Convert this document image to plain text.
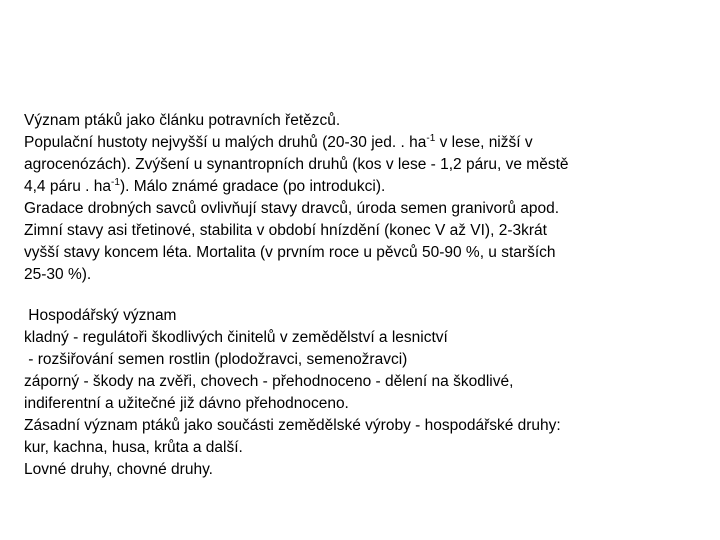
Význam ptáků jako článku potravních řetězců.
Populační hustoty nejvyšší u malých druhů (20-30 jed. . $ha^{-1}$ v lese, nižší v
agrocenózách). Zvýšení u synantropních druhů (kos v lese - 1,2 páru, ve městě
4,4 páru . $ha^{-1}$). Málo známé gradace (po introdukci).
Gradace drobných savců ovlivňují stavy dravců, úroda semen granivorů apod.
Zimní stavy asi třetinové, stabilita v období hnízdění (konec V až VI), 2-3krát
vyšší stavy koncem léta. Mortalita (v prvním roce u pěvců 50-90 %, u starších
25-30 %).
Hospodářský význam
kladný - regulátoři škodlivých činitelů v zemědělství a lesnictví
- rozšiřování semen rostlin (plodožravci, semenožravci)
záporný - škody na zvěři, chovech - přehodnoceno - dělení na škodlivé,
indiferentní a užitečné již dávno přehodnoceno.
Zásadní význam ptáků jako součásti zemědělské výroby - hospodářské druhy:
kur, kachna, husa, krůta a další.
Lovné druhy, chovné druhy.
